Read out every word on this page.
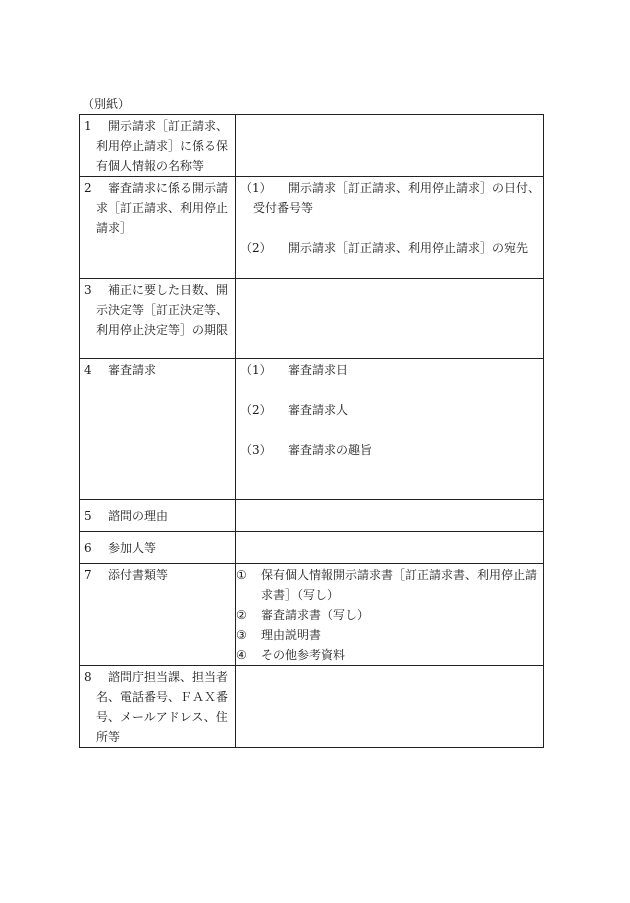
（別紙）

1 開示請求［訂正請求、利用停止請求］に係る保有個人情報の名称等	

2 審査請求に係る開示請求［訂正請求、利用停止請求］	（1） 開示請求［訂正請求、利用停止請求］の日付、受付番号等

（2） 開示請求［訂正請求、利用停止請求］の宛先

3 補正に要した日数、開示決定等［訂正決定等、利用停止決定等］の期限	

4 審査請求	（1） 審査請求日

（2） 審査請求人

（3） 審査請求の趣旨

5 諮問の理由	

6 参加人等	

7 添付書類等	① 保有個人情報開示請求書［訂正請求書、利用停止請求書］（写し）

② 審査請求書（写し）

③ 理由説明書

④ その他参考資料

8 諮問庁担当課、担当者名、電話番号、ＦＡＸ番号、メールアドレス、住所等	
